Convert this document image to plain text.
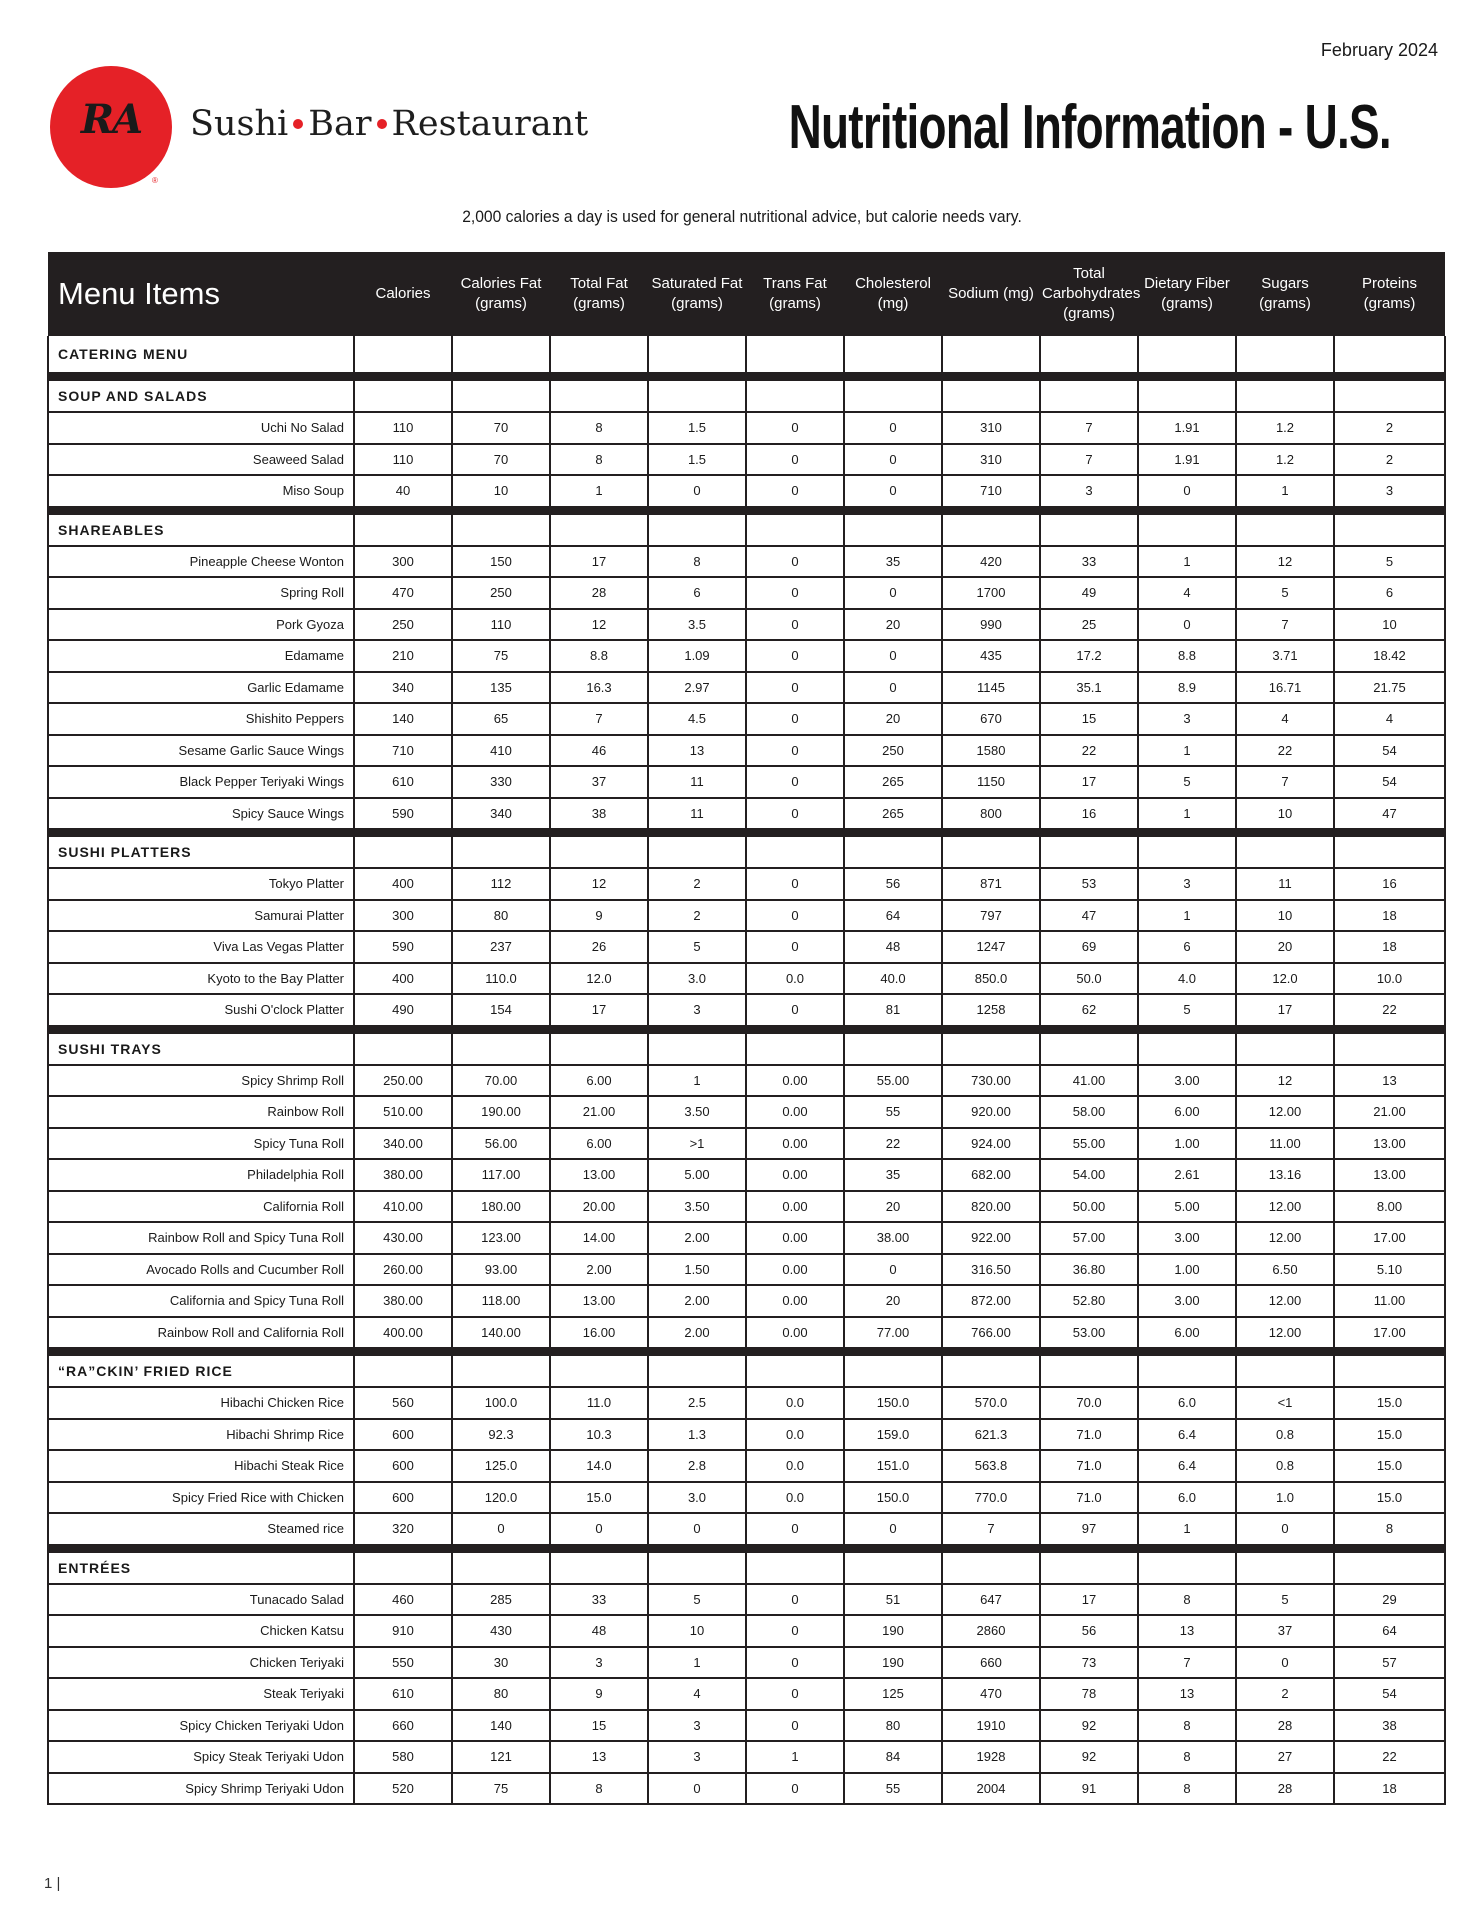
February 2024
RA
®
Sushi Bar Restaurant	Nutritional Information - U.S.
2,000 calories a day is used for general nutritional advice, but calorie needs vary.
Menu Items	Calories	Calories Fat (grams)	Total Fat (grams)	Saturated Fat (grams)	Trans Fat (grams)	Cholesterol (mg)	Sodium (mg)	Total Carbohydrates (grams)	Dietary Fiber (grams)	Sugars (grams)	Proteins (grams)
CATERING MENU											
SOUP AND SALADS											
Uchi No Salad	110	70	8	1.5	0	0	310	7	1.91	1.2	2
Seaweed Salad	110	70	8	1.5	0	0	310	7	1.91	1.2	2
Miso Soup	40	10	1	0	0	0	710	3	0	1	3
SHAREABLES											
Pineapple Cheese Wonton	300	150	17	8	0	35	420	33	1	12	5
Spring Roll	470	250	28	6	0	0	1700	49	4	5	6
Pork Gyoza	250	110	12	3.5	0	20	990	25	0	7	10
Edamame	210	75	8.8	1.09	0	0	435	17.2	8.8	3.71	18.42
Garlic Edamame	340	135	16.3	2.97	0	0	1145	35.1	8.9	16.71	21.75
Shishito Peppers	140	65	7	4.5	0	20	670	15	3	4	4
Sesame Garlic Sauce Wings	710	410	46	13	0	250	1580	22	1	22	54
Black Pepper Teriyaki Wings	610	330	37	11	0	265	1150	17	5	7	54
Spicy Sauce Wings	590	340	38	11	0	265	800	16	1	10	47
SUSHI PLATTERS											
Tokyo Platter	400	112	12	2	0	56	871	53	3	11	16
Samurai Platter	300	80	9	2	0	64	797	47	1	10	18
Viva Las Vegas Platter	590	237	26	5	0	48	1247	69	6	20	18
Kyoto to the Bay Platter	400	110.0	12.0	3.0	0.0	40.0	850.0	50.0	4.0	12.0	10.0
Sushi O'clock Platter	490	154	17	3	0	81	1258	62	5	17	22
SUSHI TRAYS											
Spicy Shrimp Roll	250.00	70.00	6.00	1	0.00	55.00	730.00	41.00	3.00	12	13
Rainbow Roll	510.00	190.00	21.00	3.50	0.00	55	920.00	58.00	6.00	12.00	21.00
Spicy Tuna Roll	340.00	56.00	6.00	>1	0.00	22	924.00	55.00	1.00	11.00	13.00
Philadelphia Roll	380.00	117.00	13.00	5.00	0.00	35	682.00	54.00	2.61	13.16	13.00
California Roll	410.00	180.00	20.00	3.50	0.00	20	820.00	50.00	5.00	12.00	8.00
Rainbow Roll and Spicy Tuna Roll	430.00	123.00	14.00	2.00	0.00	38.00	922.00	57.00	3.00	12.00	17.00
Avocado Rolls and Cucumber Roll	260.00	93.00	2.00	1.50	0.00	0	316.50	36.80	1.00	6.50	5.10
California and Spicy Tuna Roll	380.00	118.00	13.00	2.00	0.00	20	872.00	52.80	3.00	12.00	11.00
Rainbow Roll and California Roll	400.00	140.00	16.00	2.00	0.00	77.00	766.00	53.00	6.00	12.00	17.00
“RA”CKIN’ FRIED RICE											
Hibachi Chicken Rice	560	100.0	11.0	2.5	0.0	150.0	570.0	70.0	6.0	<1	15.0
Hibachi Shrimp Rice	600	92.3	10.3	1.3	0.0	159.0	621.3	71.0	6.4	0.8	15.0
Hibachi Steak Rice	600	125.0	14.0	2.8	0.0	151.0	563.8	71.0	6.4	0.8	15.0
Spicy Fried Rice with Chicken	600	120.0	15.0	3.0	0.0	150.0	770.0	71.0	6.0	1.0	15.0
Steamed rice	320	0	0	0	0	0	7	97	1	0	8
ENTRÉES											
Tunacado Salad	460	285	33	5	0	51	647	17	8	5	29
Chicken Katsu	910	430	48	10	0	190	2860	56	13	37	64
Chicken Teriyaki	550	30	3	1	0	190	660	73	7	0	57
Steak Teriyaki	610	80	9	4	0	125	470	78	13	2	54
Spicy Chicken Teriyaki Udon	660	140	15	3	0	80	1910	92	8	28	38
Spicy Steak Teriyaki Udon	580	121	13	3	1	84	1928	92	8	27	22
Spicy Shrimp Teriyaki Udon	520	75	8	0	0	55	2004	91	8	28	18
1 |
